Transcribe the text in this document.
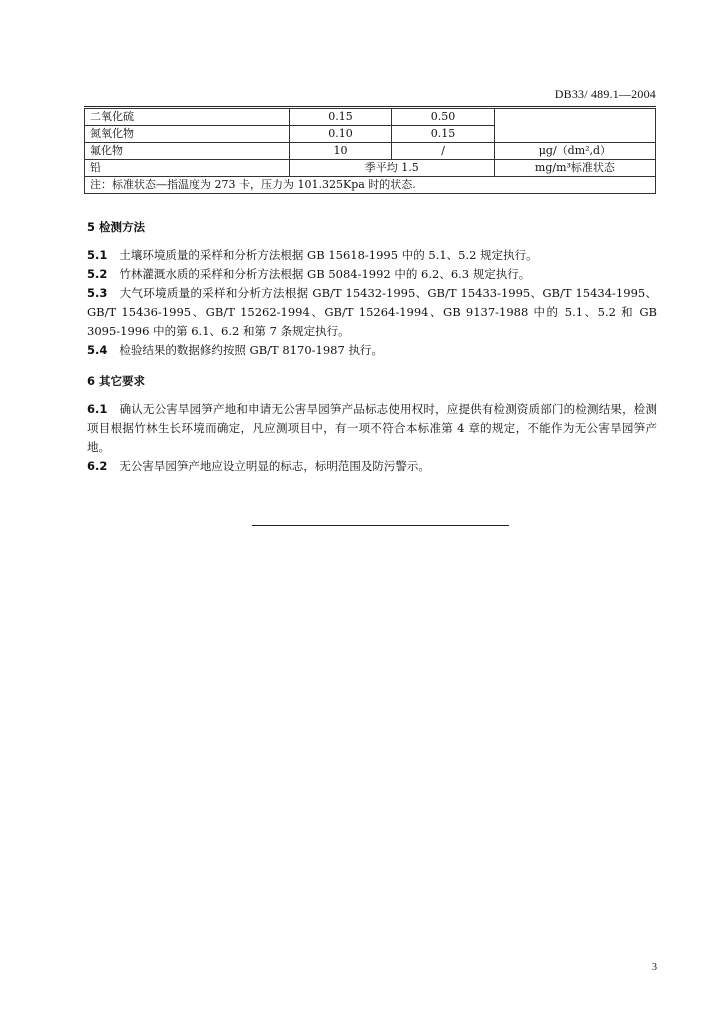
DB33/ 489.1—2004
二氧化硫	0.15	0.50	
氮氧化物	0.10	0.15	
氟化物	10	/	μg/（dm²,d）
铅	季平均 1.5		mg/m³标准状态
注：标准状态—指温度为 273 卡，压力为 101.325Kpa 时的状态.			
5 检测方法
5.1 土壤环境质量的采样和分析方法根据 GB 15618-1995 中的 5.1、5.2 规定执行。
5.2 竹林灌溉水质的采样和分析方法根据 GB 5084-1992 中的 6.2、6.3 规定执行。
5.3 大气环境质量的采样和分析方法根据 GB/T 15432-1995、GB/T 15433-1995、GB/T 15434-1995、GB/T 15436-1995、GB/T 15262-1994、GB/T 15264-1994、GB 9137-1988 中的 5.1、5.2 和 GB 3095-1996 中的第 6.1、6.2 和第 7 条规定执行。
5.4 检验结果的数据修约按照 GB/T 8170-1987 执行。
6 其它要求
6.1 确认无公害旱园笋产地和申请无公害旱园笋产品标志使用权时，应提供有检测资质部门的检测结果，检测项目根据竹林生长环境而确定，凡应测项目中，有一项不符合本标准第 4 章的规定，不能作为无公害旱园笋产地。
6.2 无公害旱园笋产地应设立明显的标志，标明范围及防污警示。
3
